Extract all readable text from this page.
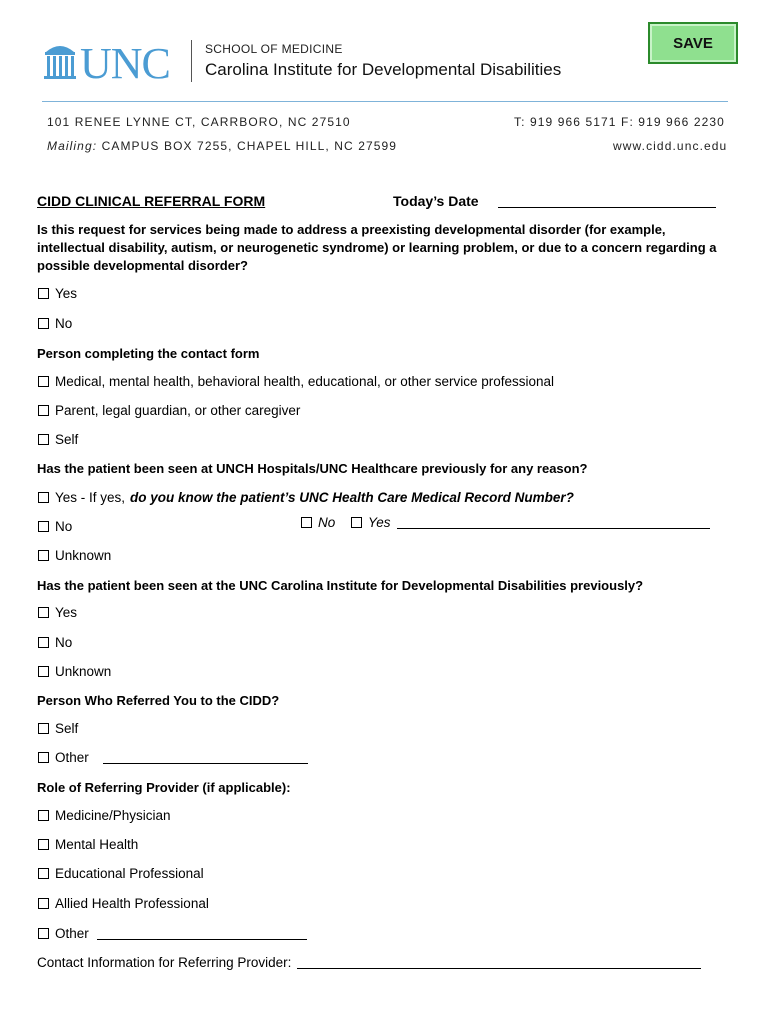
SAVE
UNC	SCHOOL OF MEDICINE
Carolina Institute for Developmental Disabilities
101 RENEE LYNNE CT, CARRBORO, NC 27510	T: 919 966 5171 F: 919 966 2230
Mailing: CAMPUS BOX 7255, CHAPEL HILL, NC 27599	www.cidd.unc.edu
CIDD CLINICAL REFERRAL FORM	Today’s Date
Is this request for services being made to address a preexisting developmental disorder (for example, intellectual disability, autism, or neurogenetic syndrome) or learning problem, or due to a concern regarding a possible developmental disorder?
Yes
No
Person completing the contact form
Medical, mental health, behavioral health, educational, or other service professional
Parent, legal guardian, or other caregiver
Self
Has the patient been seen at UNCH Hospitals/UNC Healthcare previously for any reason?
Yes - If yes, do you know the patient’s UNC Health Care Medical Record Number?
No	No Yes
Unknown
Has the patient been seen at the UNC Carolina Institute for Developmental Disabilities previously?
Yes
No
Unknown
Person Who Referred You to the CIDD?
Self
Other
Role of Referring Provider (if applicable):
Medicine/Physician
Mental Health
Educational Professional
Allied Health Professional
Other
Contact Information for Referring Provider:
